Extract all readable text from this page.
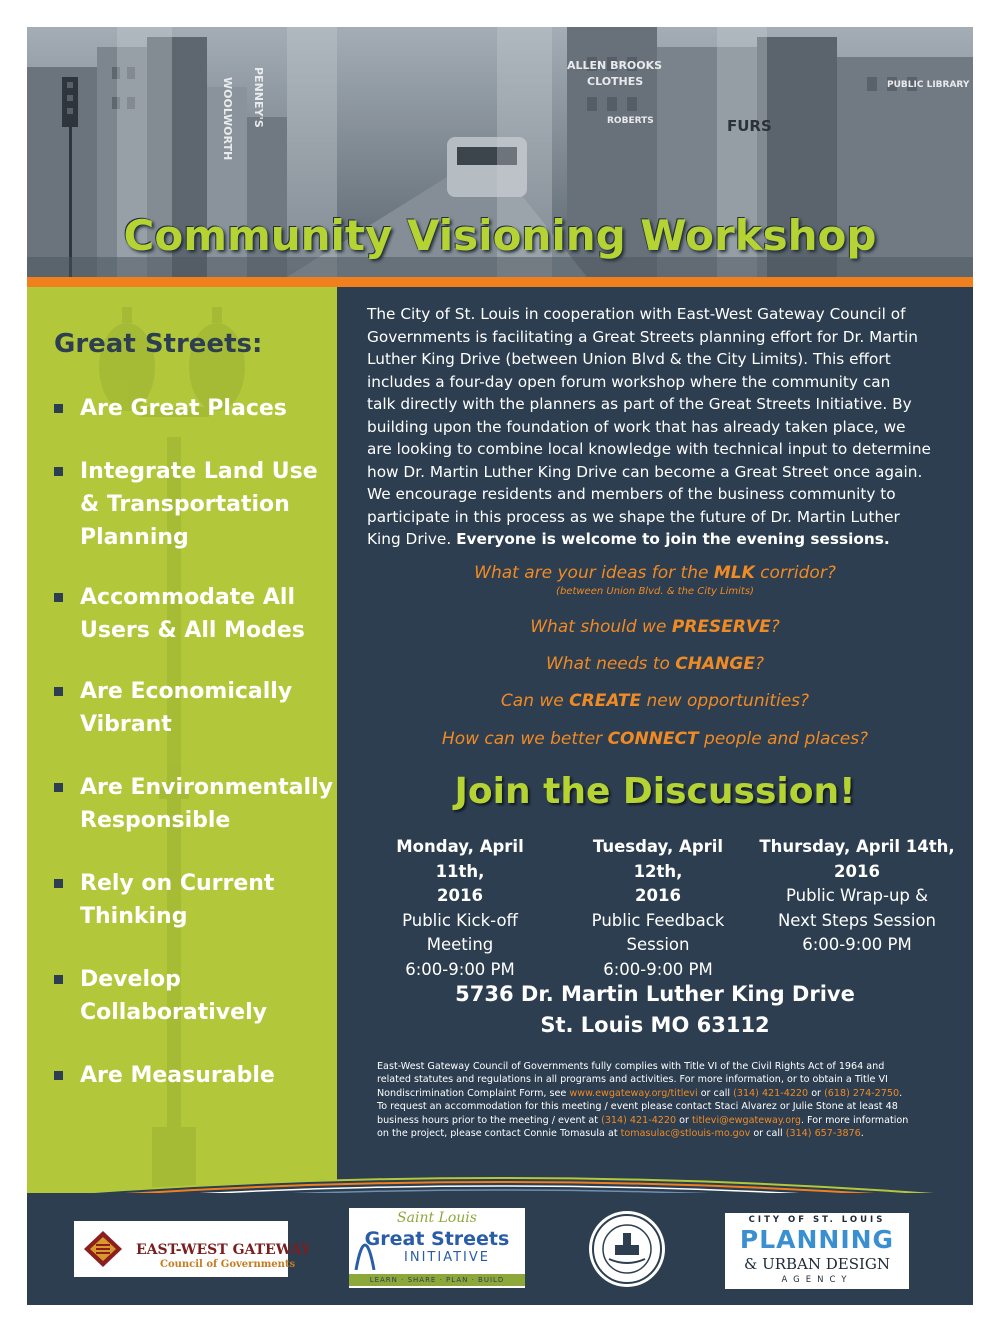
ALLEN BROOKS
CLOTHES
FURS
ROBERTS
PUBLIC LIBRARY
WOOLWORTH PENNEY'S
Community Visioning Workshop
Great Streets:
Are Great Places
Integrate Land Use
& Transportation
Planning
Accommodate All
Users & All Modes
Are Economically
Vibrant
Are Environmentally
Responsible
Rely on Current
Thinking
Develop
Collaboratively
Are Measurable
The City of St. Louis in cooperation with East-West Gateway Council of
Governments is facilitating a Great Streets planning effort for Dr. Martin
Luther King Drive (between Union Blvd & the City Limits). This effort
includes a four-day open forum workshop where the community can
talk directly with the planners as part of the Great Streets Initiative. By
building upon the foundation of work that has already taken place, we
are looking to combine local knowledge with technical input to determine
how Dr. Martin Luther King Drive can become a Great Street once again.
We encourage residents and members of the business community to
participate in this process as we shape the future of Dr. Martin Luther
King Drive. Everyone is welcome to join the evening sessions.
What are your ideas for the MLK corridor?
(between Union Blvd. & the City Limits)
What should we PRESERVE?
What needs to CHANGE?
Can we CREATE new opportunities?
How can we better CONNECT people and places?
Join the Discussion!
Monday, April 11th,
2016
Public Kick-off
Meeting
6:00-9:00 PM
Tuesday, April 12th,
2016
Public Feedback
Session
6:00-9:00 PM
Thursday, April 14th,
2016
Public Wrap-up &
Next Steps Session
6:00-9:00 PM
5736 Dr. Martin Luther King Drive
St. Louis MO 63112
East-West Gateway Council of Governments fully complies with Title VI of the Civil Rights Act of 1964 and
related statutes and regulations in all programs and activities. For more information, or to obtain a Title VI
Nondiscrimination Complaint Form, see www.ewgateway.org/titlevi or call (314) 421-4220 or (618) 274-2750.
To request an accommodation for this meeting / event please contact Staci Alvarez or Julie Stone at least 48
business hours prior to the meeting / event at (314) 421-4220 or titlevi@ewgateway.org. For more information
on the project, please contact Connie Tomasula at tomasulac@stlouis-mo.gov or call (314) 657-3876.
EAST-WEST GATEWAY
Council of Governments
Saint Louis
Great Streets
INITIATIVE
LEARN · SHARE · PLAN · BUILD
CITY OF ST. LOUIS
PLANNING
& URBAN DESIGN
AGENCY
